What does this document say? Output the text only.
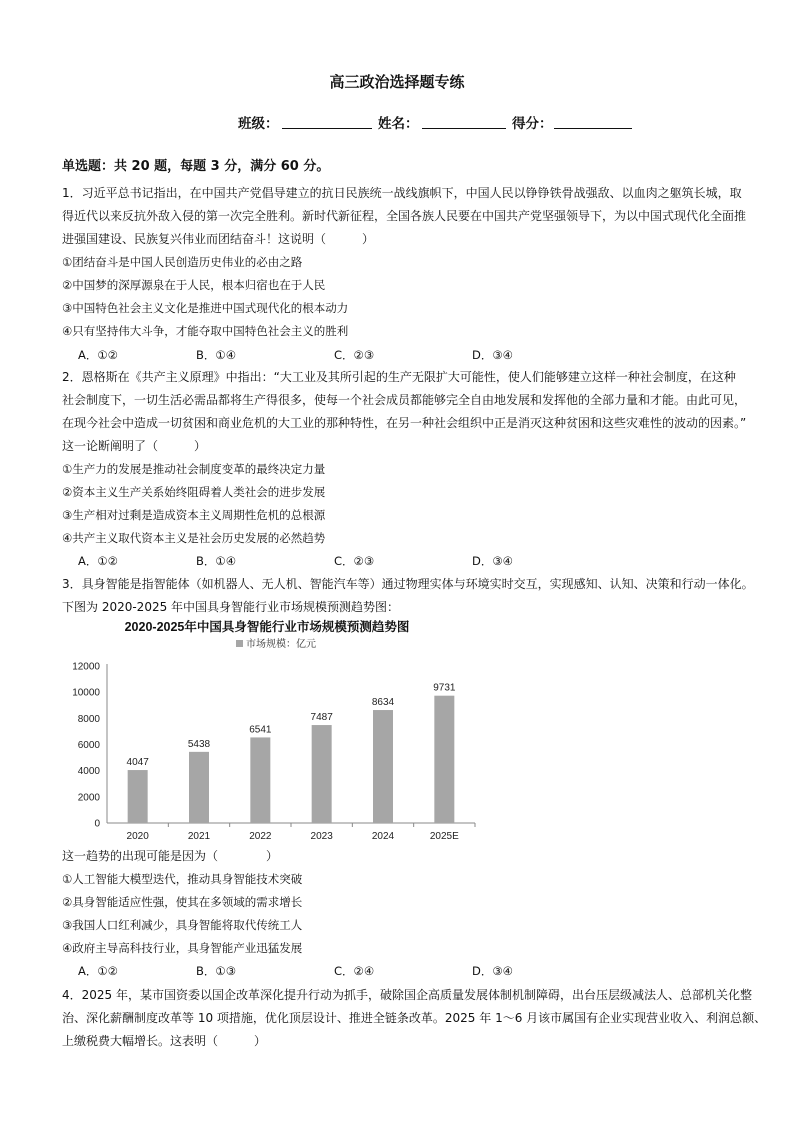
高三政治选择题专练
班级：	姓名：	得分：
单选题：共 20 题，每题 3 分，满分 60 分。
1．习近平总书记指出，在中国共产党倡导建立的抗日民族统一战线旗帜下，中国人民以铮铮铁骨战强敌、以血肉之躯筑长城，取
得近代以来反抗外敌入侵的第一次完全胜利。新时代新征程，全国各族人民要在中国共产党坚强领导下，为以中国式现代化全面推
进强国建设、民族复兴伟业而团结奋斗！这说明（　　　）
①团结奋斗是中国人民创造历史伟业的必由之路
②中国梦的深厚源泉在于人民，根本归宿也在于人民
③中国特色社会主义文化是推进中国式现代化的根本动力
④只有坚持伟大斗争，才能夺取中国特色社会主义的胜利
A．①②	B．①④	C．②③	D．③④
2．恩格斯在《共产主义原理》中指出：“大工业及其所引起的生产无限扩大可能性，使人们能够建立这样一种社会制度，在这种
社会制度下，一切生活必需品都将生产得很多，使每一个社会成员都能够完全自由地发展和发挥他的全部力量和才能。由此可见，
在现今社会中造成一切贫困和商业危机的大工业的那种特性，在另一种社会组织中正是消灭这种贫困和这些灾难性的波动的因素。”
这一论断阐明了（　　　）
①生产力的发展是推动社会制度变革的最终决定力量
②资本主义生产关系始终阻碍着人类社会的进步发展
③生产相对过剩是造成资本主义周期性危机的总根源
④共产主义取代资本主义是社会历史发展的必然趋势
A．①②	B．①④	C．②③	D．③④
3．具身智能是指智能体（如机器人、无人机、智能汽车等）通过物理实体与环境实时交互，实现感知、认知、决策和行动一体化。
下图为 2020-2025 年中国具身智能行业市场规模预测趋势图：
2020-2025年中国具身智能行业市场规模预测趋势图
市场规模：亿元
0
2000
4000
6000
8000
10000
12000
2020	2021	2022	2023	2024	2025E
4047
5438
6541
7487
8634
9731
这一趋势的出现可能是因为（　　　　）
①人工智能大模型迭代，推动具身智能技术突破
②具身智能适应性强，使其在多领域的需求增长
③我国人口红利减少，具身智能将取代传统工人
④政府主导高科技行业，具身智能产业迅猛发展
A．①②	B．①③	C．②④	D．③④
4．2025 年，某市国资委以国企改革深化提升行动为抓手，破除国企高质量发展体制机制障碍，出台压层级减法人、总部机关化整
治、深化薪酬制度改革等 10 项措施，优化顶层设计、推进全链条改革。2025 年 1～6 月该市属国有企业实现营业收入、利润总额、
上缴税费大幅增长。这表明（　　　）
